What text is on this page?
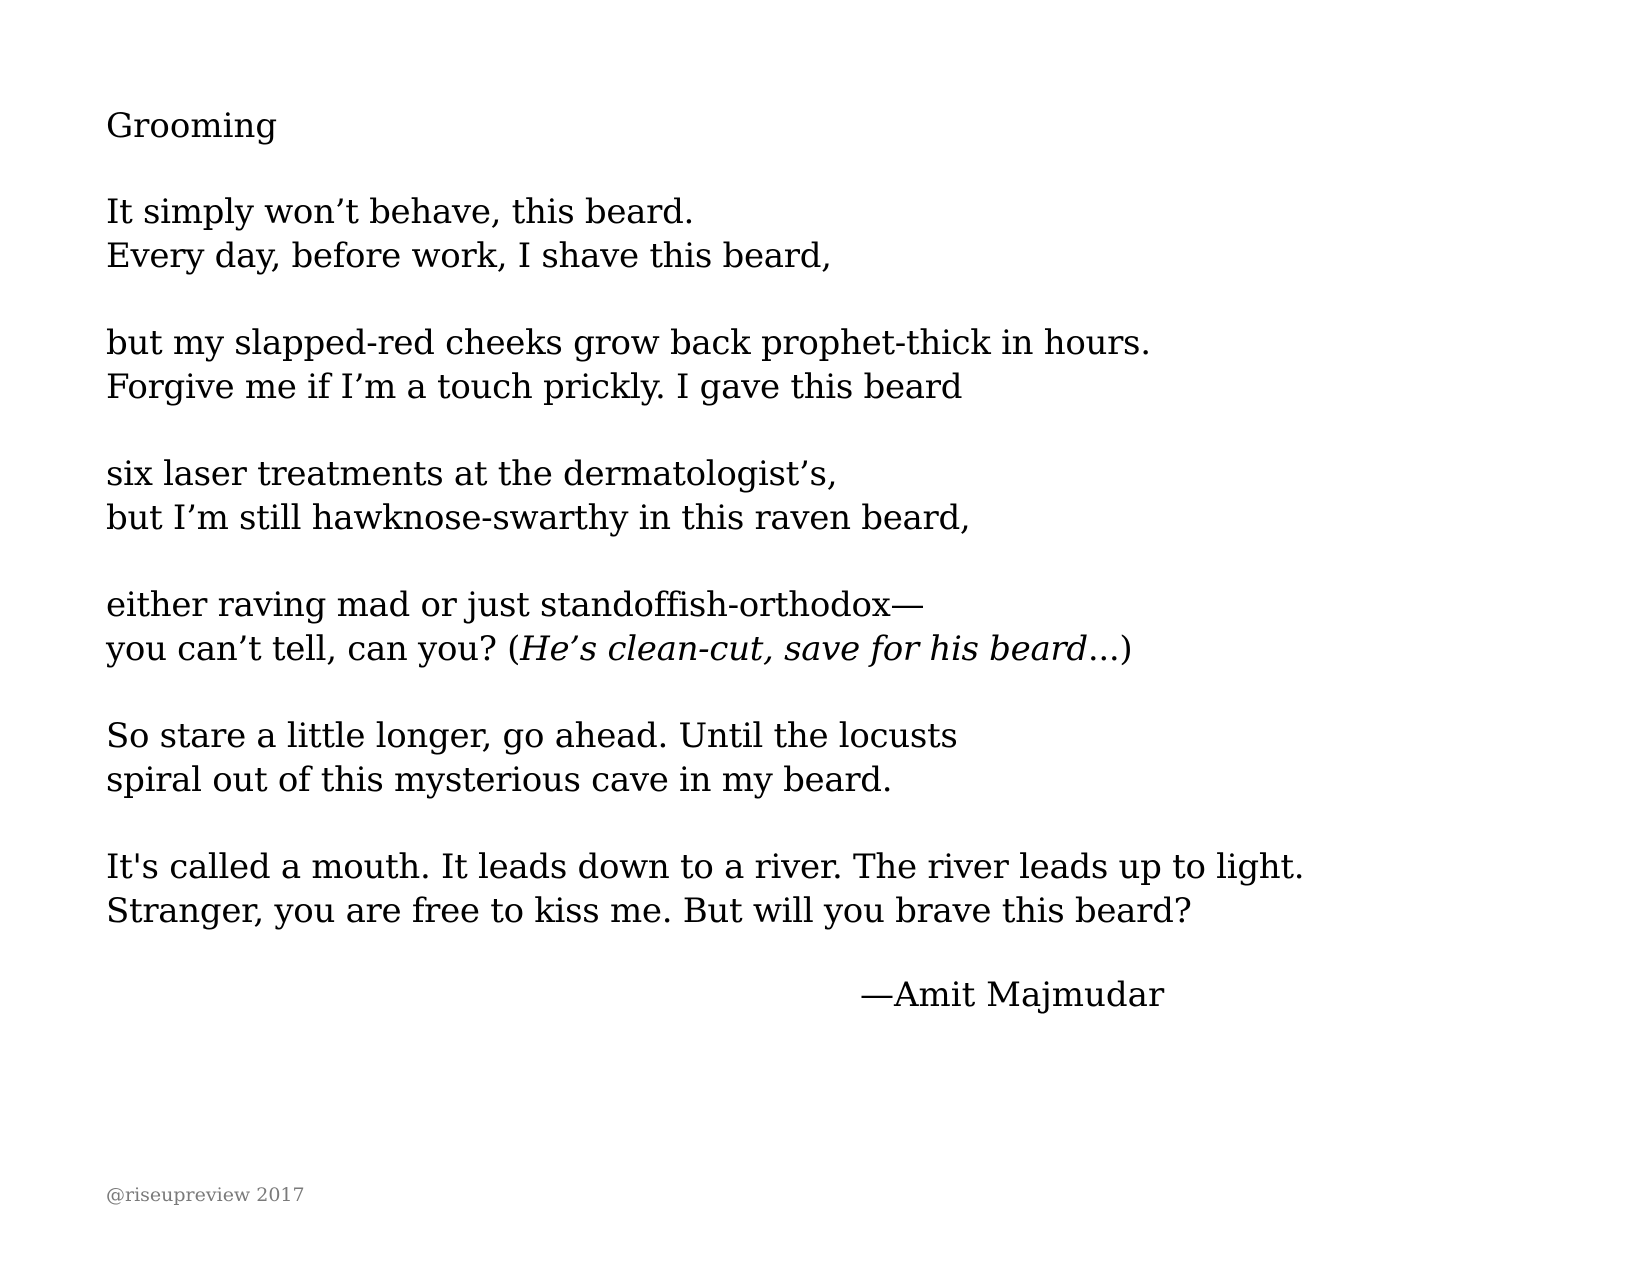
Grooming
It simply won’t behave, this beard.
Every day, before work, I shave this beard,
but my slapped-red cheeks grow back prophet-thick in hours.
Forgive me if I’m a touch prickly. I gave this beard
six laser treatments at the dermatologist’s,
but I’m still hawknose-swarthy in this raven beard,
either raving mad or just standoffish-orthodox—
you can’t tell, can you? (He’s clean-cut, save for his beard...)
So stare a little longer, go ahead. Until the locusts
spiral out of this mysterious cave in my beard.
It's called a mouth. It leads down to a river. The river leads up to light.
Stranger, you are free to kiss me. But will you brave this beard?
—Amit Majmudar
@riseupreview 2017
